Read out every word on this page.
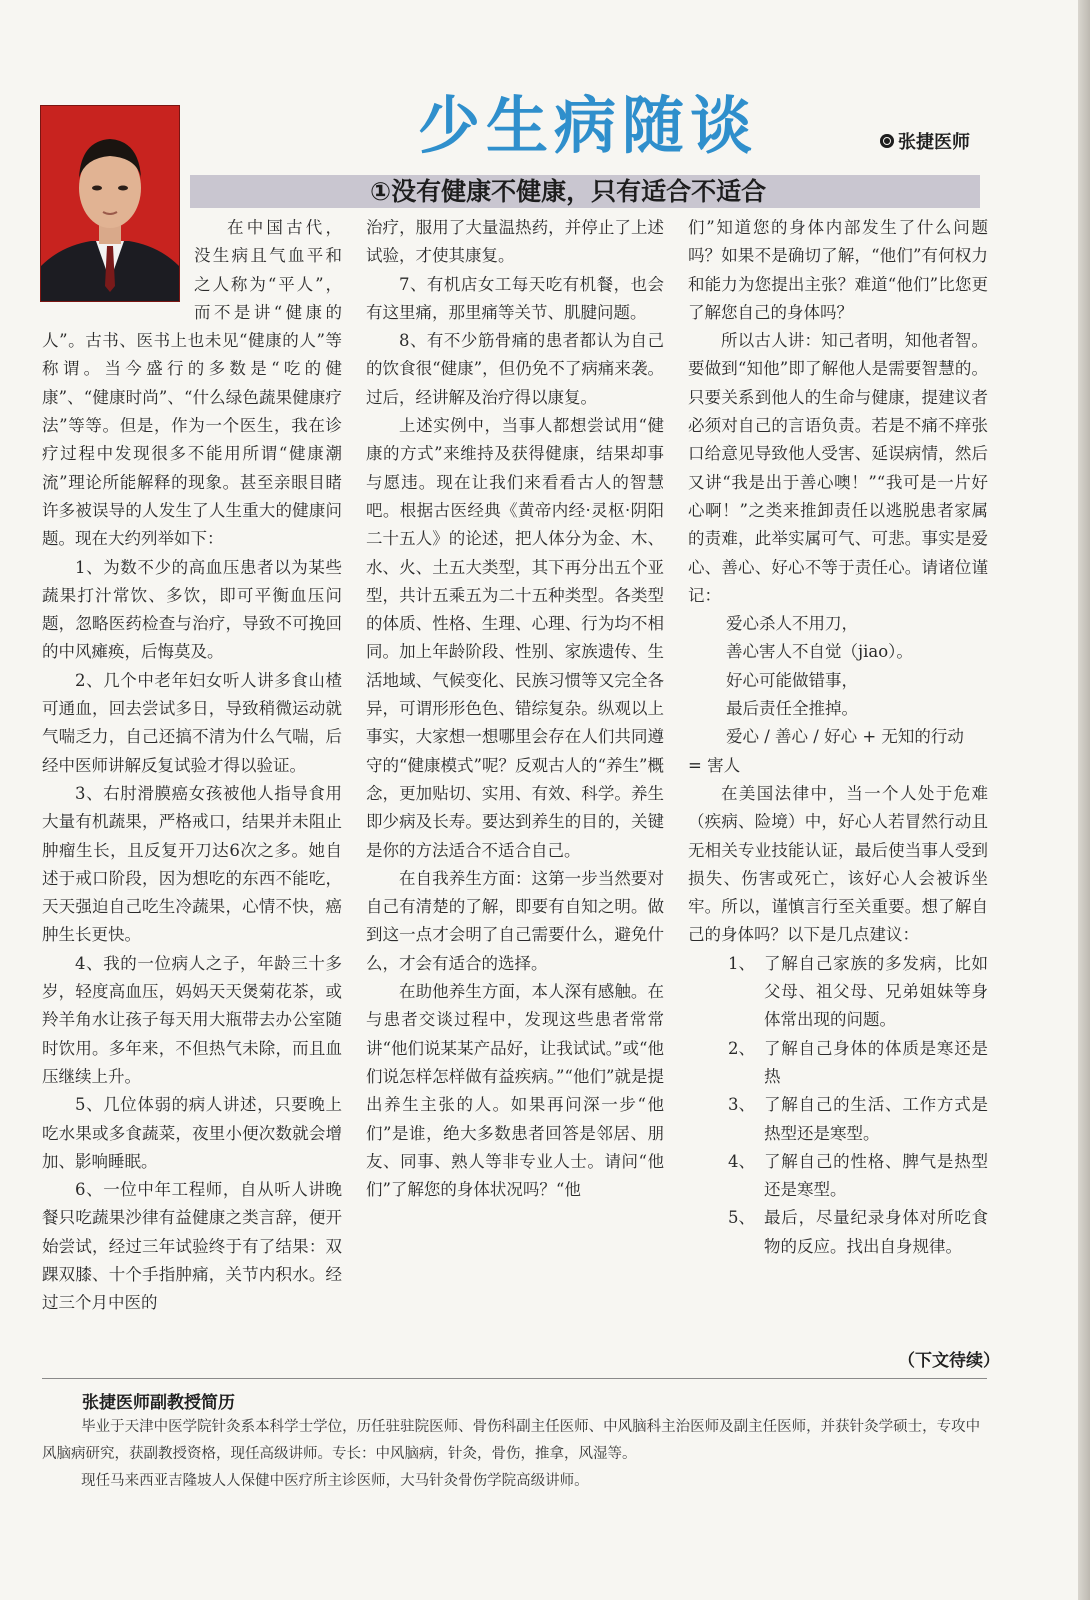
少生病随谈	张捷医师
①没有健康不健康，只有适合不适合

在中国古代，没生病且气血平和之人称为“平人”，而不是讲“健康的人”。古书、医书上也未见“健康的人”等称谓。当今盛行的多数是“吃的健康”、“健康时尚”、“什么绿色蔬果健康疗法”等等。但是，作为一个医生，我在诊疗过程中发现很多不能用所谓“健康潮流”理论所能解释的现象。甚至亲眼目睹许多被误导的人发生了人生重大的健康问题。现在大约列举如下：

1、为数不少的高血压患者以为某些蔬果打汁常饮、多饮，即可平衡血压问题，忽略医药检查与治疗，导致不可挽回的中风瘫痪，后悔莫及。

2、几个中老年妇女听人讲多食山楂可通血，回去尝试多日，导致稍微运动就气喘乏力，自己还搞不清为什么气喘，后经中医师讲解反复试验才得以验证。

3、右肘滑膜癌女孩被他人指导食用大量有机蔬果，严格戒口，结果并未阻止肿瘤生长，且反复开刀达6次之多。她自述于戒口阶段，因为想吃的东西不能吃，天天强迫自己吃生冷蔬果，心情不快，癌肿生长更快。

4、我的一位病人之子，年龄三十多岁，轻度高血压，妈妈天天煲菊花茶，或羚羊角水让孩子每天用大瓶带去办公室随时饮用。多年来，不但热气未除，而且血压继续上升。

5、几位体弱的病人讲述，只要晚上吃水果或多食蔬菜，夜里小便次数就会增加、影响睡眠。

6、一位中年工程师，自从听人讲晚餐只吃蔬果沙律有益健康之类言辞，便开始尝试，经过三年试验终于有了结果：双踝双膝、十个手指肿痛，关节内积水。经过三个月中医的

治疗，服用了大量温热药，并停止了上述试验，才使其康复。

7、有机店女工每天吃有机餐，也会有这里痛，那里痛等关节、肌腱问题。

8、有不少筋骨痛的患者都认为自己的饮食很“健康”，但仍免不了病痛来袭。过后，经讲解及治疗得以康复。

上述实例中，当事人都想尝试用“健康的方式”来维持及获得健康，结果却事与愿违。现在让我们来看看古人的智慧吧。根据古医经典《黄帝内经·灵枢·阴阳二十五人》的论述，把人体分为金、木、水、火、土五大类型，其下再分出五个亚型，共计五乘五为二十五种类型。各类型的体质、性格、生理、心理、行为均不相同。加上年龄阶段、性别、家族遗传、生活地域、气候变化、民族习惯等又完全各异，可谓形形色色、错综复杂。纵观以上事实，大家想一想哪里会存在人们共同遵守的“健康模式”呢？反观古人的“养生”概念，更加贴切、实用、有效、科学。养生即少病及长寿。要达到养生的目的，关键是你的方法适合不适合自己。

在自我养生方面：这第一步当然要对自己有清楚的了解，即要有自知之明。做到这一点才会明了自己需要什么，避免什么，才会有适合的选择。

在助他养生方面，本人深有感触。在与患者交谈过程中，发现这些患者常常讲“他们说某某产品好，让我试试。”或“他们说怎样怎样做有益疾病。”“他们”就是提出养生主张的人。如果再问深一步“他们”是谁，绝大多数患者回答是邻居、朋友、同事、熟人等非专业人士。请问“他们”了解您的身体状况吗？“他

们”知道您的身体内部发生了什么问题吗？如果不是确切了解，“他们”有何权力和能力为您提出主张？难道“他们”比您更了解您自己的身体吗？

所以古人讲：知己者明，知他者智。要做到“知他”即了解他人是需要智慧的。只要关系到他人的生命与健康，提建议者必须对自己的言语负责。若是不痛不痒张口给意见导致他人受害、延误病情，然后又讲“我是出于善心噢！”“我可是一片好心啊！”之类来推卸责任以逃脱患者家属的责难，此举实属可气、可悲。事实是爱心、善心、好心不等于责任心。请诸位谨记：

爱心杀人不用刀，

善心害人不自觉（jiao）。

好心可能做错事，

最后责任全推掉。

爱心 / 善心 / 好心 + 无知的行动

= 害人

在美国法律中，当一个人处于危难（疾病、险境）中，好心人若冒然行动且无相关专业技能认证，最后使当事人受到损失、伤害或死亡，该好心人会被诉坐牢。所以，谨慎言行至关重要。想了解自己的身体吗？以下是几点建议：

1、 了解自己家族的多发病，比如父母、祖父母、兄弟姐妹等身体常出现的问题。
2、 了解自己身体的体质是寒还是热
3、 了解自己的生活、工作方式是热型还是寒型。
4、 了解自己的性格、脾气是热型还是寒型。
5、 最后，尽量纪录身体对所吃食物的反应。找出自身规律。
（下文待续）
张捷医师副教授简历

毕业于天津中医学院针灸系本科学士学位，历任驻驻院医师、骨伤科副主任医师、中风脑科主治医师及副主任医师，并获针灸学硕士，专攻中风脑病研究，获副教授资格，现任高级讲师。专长：中风脑病，针灸，骨伤，推拿，风湿等。

现任马来西亚吉隆坡人人保健中医疗所主诊医师，大马针灸骨伤学院高级讲师。
